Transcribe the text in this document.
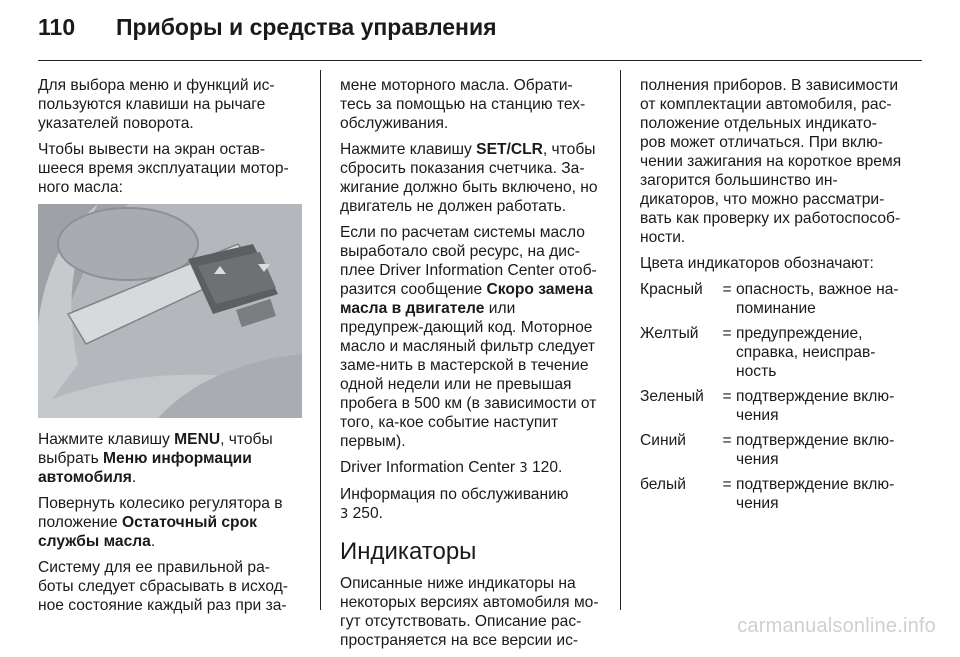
110	Приборы и средства управления

Для выбора меню и функций ис-пользуются клавиши на рычаге указателей поворота.

Чтобы вывести на экран остав-шееся время эксплуатации мотор-ного масла:

Нажмите клавишу MENU, чтобы выбрать Меню информации автомобиля.

Повернуть колесико регулятора в положение Остаточный срок службы масла.

Систему для ее правильной ра-боты следует сбрасывать в исход-ное состояние каждый раз при за-

мене моторного масла. Обрати-тесь за помощью на станцию тех-обслуживания.

Нажмите клавишу SET/CLR, чтобы сбросить показания счетчика. За-жигание должно быть включено, но двигатель не должен работать.

Если по расчетам системы масло выработало свой ресурс, на дис-плее Driver Information Center отоб-разится сообщение Скоро замена масла в двигателе или предупреж-дающий код. Моторное масло и масляный фильтр следует заме-нить в мастерской в течение одной недели или не превышая пробега в 500 км (в зависимости от того, ка-кое событие наступит первым).

Driver Information Center 3 120.

Информация по обслуживанию
3 250.

Индикаторы

Описанные ниже индикаторы на некоторых версиях автомобиля мо-гут отсутствовать. Описание рас-пространяется на все версии ис-

полнения приборов. В зависимости от комплектации автомобиля, рас-положение отдельных индикато-ров может отличаться. При вклю-чении зажигания на короткое время загорится большинство ин-дикаторов, что можно рассматри-вать как проверку их работоспособ-ности.

Цвета индикаторов обозначают:

Красный	=	опасность, важное на-поминание
Желтый	=	предупреждение, справка, неисправ-ность
Зеленый	=	подтверждение вклю-чения
Синий	=	подтверждение вклю-чения
белый	=	подтверждение вклю-чения
carmanualsonline.info
